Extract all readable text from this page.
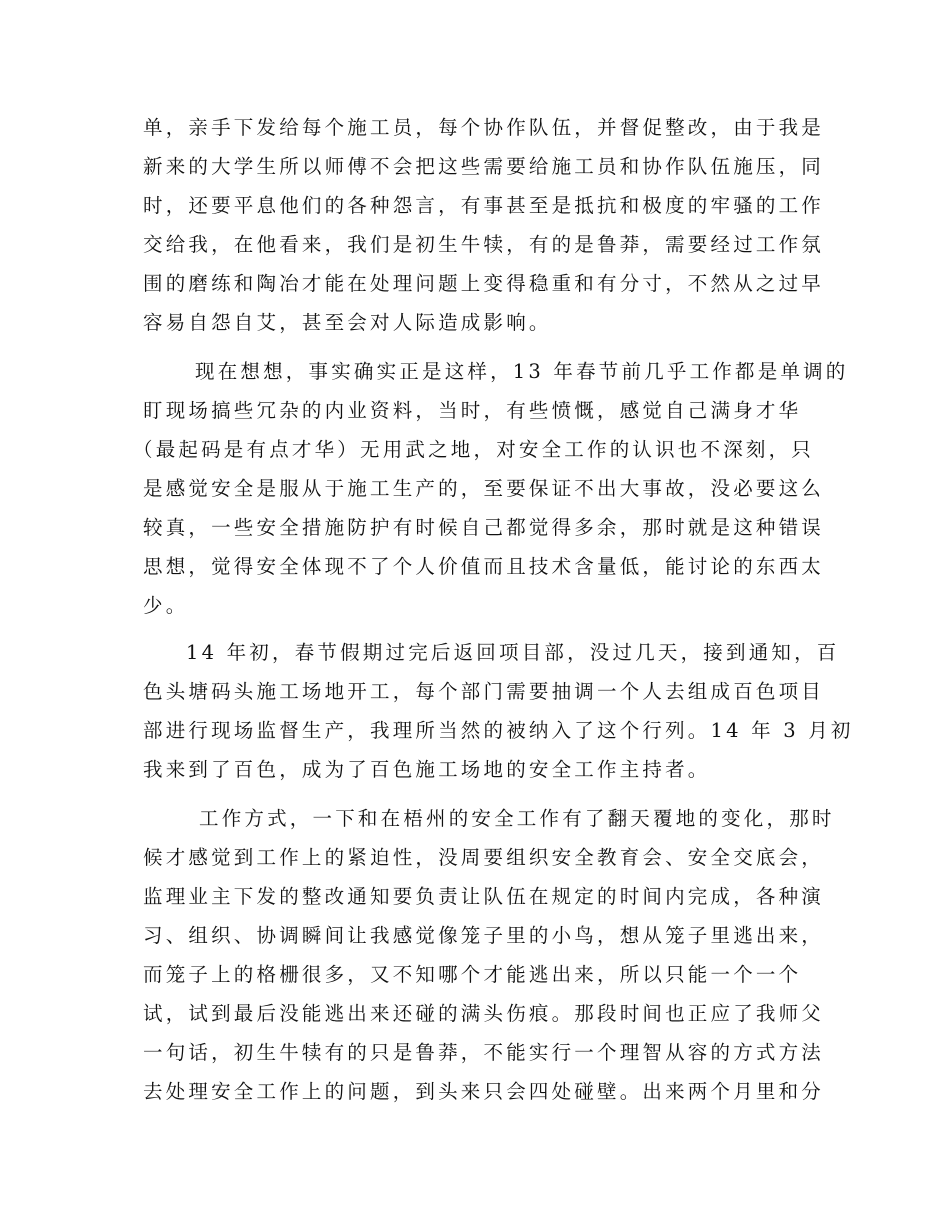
单，亲手下发给每个施工员，每个协作队伍，并督促整改，由于我是
新来的大学生所以师傅不会把这些需要给施工员和协作队伍施压，同
时，还要平息他们的各种怨言，有事甚至是抵抗和极度的牢骚的工作
交给我，在他看来，我们是初生牛犊，有的是鲁莽，需要经过工作氛
围的磨练和陶冶才能在处理问题上变得稳重和有分寸，不然从之过早
容易自怨自艾，甚至会对人际造成影响。
现在想想，事实确实正是这样，13 年春节前几乎工作都是单调的
盯现场搞些冗杂的内业资料，当时，有些愤慨，感觉自己满身才华
（最起码是有点才华）无用武之地，对安全工作的认识也不深刻，只
是感觉安全是服从于施工生产的，至要保证不出大事故，没必要这么
较真，一些安全措施防护有时候自己都觉得多余，那时就是这种错误
思想，觉得安全体现不了个人价值而且技术含量低，能讨论的东西太
少。
14 年初，春节假期过完后返回项目部，没过几天，接到通知，百
色头塘码头施工场地开工，每个部门需要抽调一个人去组成百色项目
部进行现场监督生产，我理所当然的被纳入了这个行列。14 年 3 月初
我来到了百色，成为了百色施工场地的安全工作主持者。
工作方式，一下和在梧州的安全工作有了翻天覆地的变化，那时
候才感觉到工作上的紧迫性，没周要组织安全教育会、安全交底会，
监理业主下发的整改通知要负责让队伍在规定的时间内完成，各种演
习、组织、协调瞬间让我感觉像笼子里的小鸟，想从笼子里逃出来，
而笼子上的格栅很多，又不知哪个才能逃出来，所以只能一个一个
试，试到最后没能逃出来还碰的满头伤痕。那段时间也正应了我师父
一句话，初生牛犊有的只是鲁莽，不能实行一个理智从容的方式方法
去处理安全工作上的问题，到头来只会四处碰壁。出来两个月里和分
